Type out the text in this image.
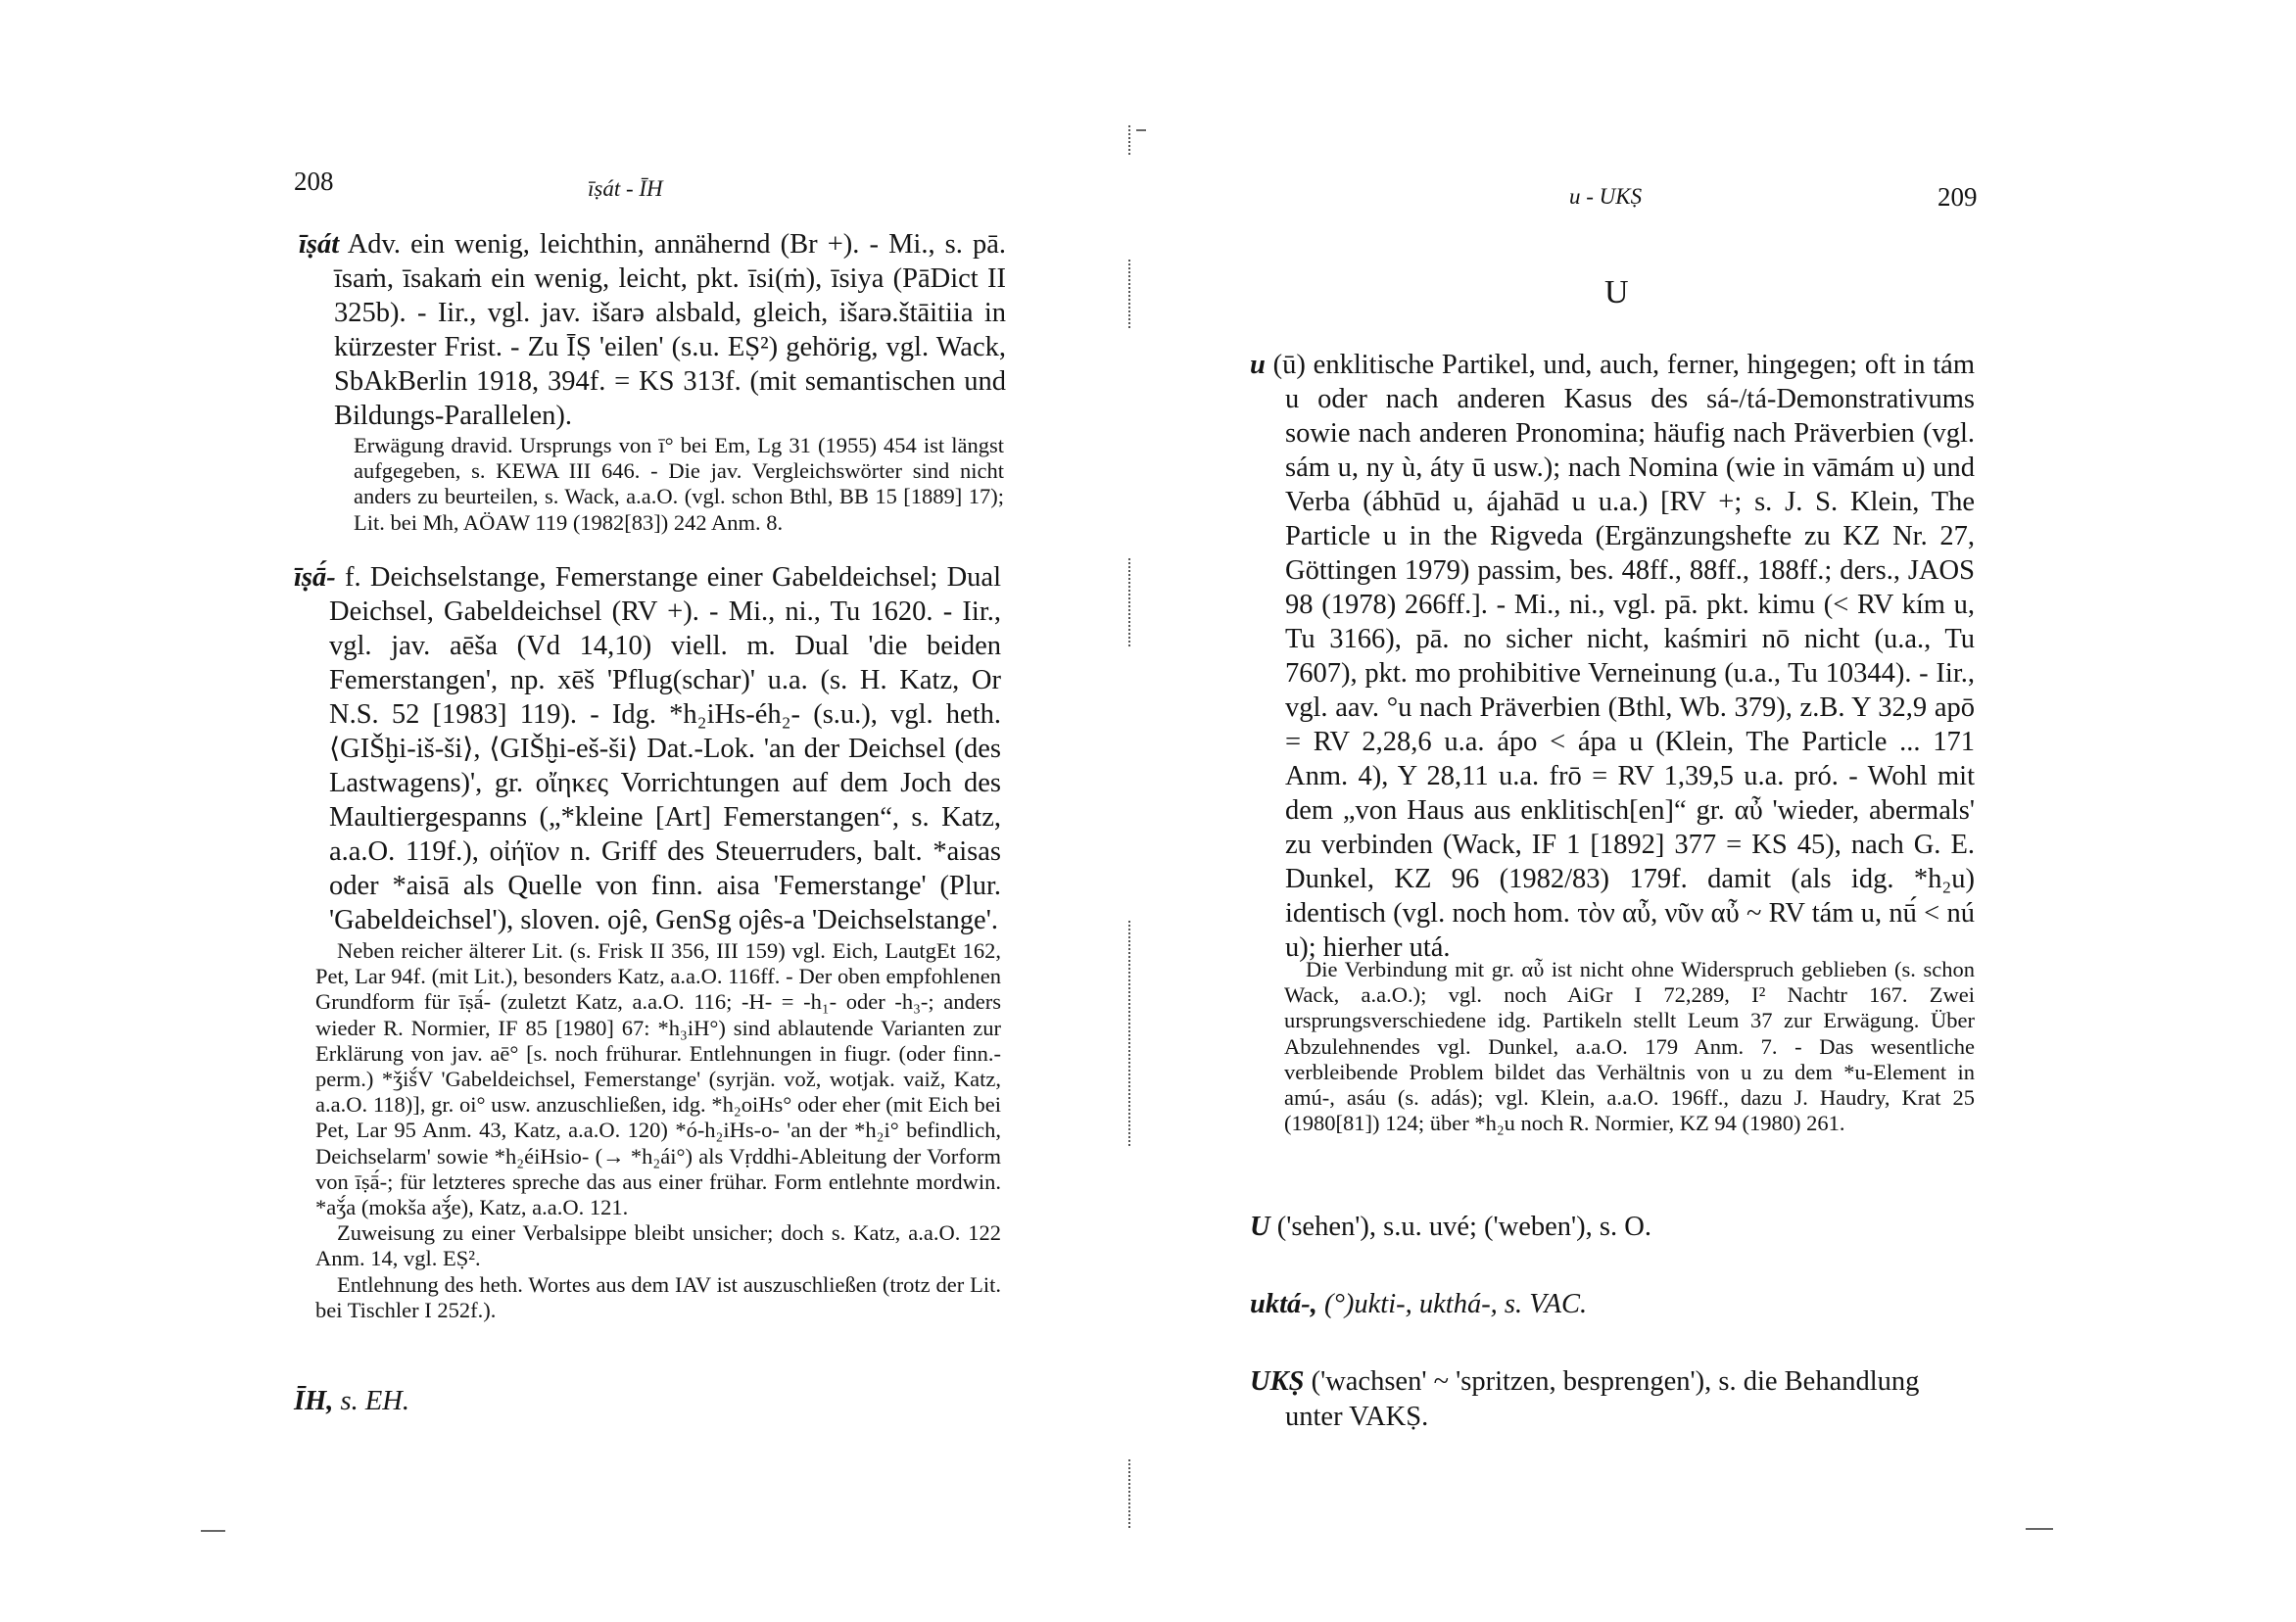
208	īṣát - ĪH
īṣát Adv. ein wenig, leichthin, annähernd (Br +). - Mi., s. pā. īsaṁ, īsakaṁ ein wenig, leicht, pkt. īsi(ṁ), īsiya (PāDict II 325b). - Iir., vgl. jav. išarə alsbald, gleich, išarə.štāitiia in kürzester Frist. - Zu ĪṢ 'eilen' (s.u. EṢ²) gehörig, vgl. Wack, SbAkBerlin 1918, 394f. = KS 313f. (mit semantischen und Bildungs-Parallelen).

Erwägung dravid. Ursprungs von ī° bei Em, Lg 31 (1955) 454 ist längst aufgegeben, s. KEWA III 646. - Die jav. Vergleichswörter sind nicht anders zu beurteilen, s. Wack, a.a.O. (vgl. schon Bthl, BB 15 [1889] 17); Lit. bei Mh, AÖAW 119 (1982[83]) 242 Anm. 8.

īṣā́- f. Deichselstange, Femerstange einer Gabeldeichsel; Dual Deichsel, Gabeldeichsel (RV +). - Mi., ni., Tu 1620. - Iir., vgl. jav. aēša (Vd 14,10) viell. m. Dual 'die beiden Femerstangen', np. xēš 'Pflug(schar)' u.a. (s. H. Katz, Or N.S. 52 [1983] 119). - Idg. *h₂iHs-éh₂- (s.u.), vgl. heth. ⟨GIŠḫi-iš-ši⟩, ⟨GIŠḫi-eš-ši⟩ Dat.-Lok. 'an der Deichsel (des Lastwagens)', gr. οἴηκες Vorrichtungen auf dem Joch des Maultiergespanns („*kleine [Art] Femerstangen“, s. Katz, a.a.O. 119f.), οἰήϊον n. Griff des Steuerruders, balt. *aisas oder *aisā als Quelle von finn. aisa 'Femerstange' (Plur. 'Gabeldeichsel'), sloven. ojê, GenSg ojês-a 'Deichselstange'.

Neben reicher älterer Lit. (s. Frisk II 356, III 159) vgl. Eich, LautgEt 162, Pet, Lar 94f. (mit Lit.), besonders Katz, a.a.O. 116ff. - Der oben empfohlenen Grundform für īṣā́- (zuletzt Katz, a.a.O. 116; -H- = -h₁- oder -h₃-; anders wieder R. Normier, IF 85 [1980] 67: *h₃iH°) sind ablautende Varianten zur Erklärung von jav. aē° [s. noch frühurar. Entlehnungen in fiugr. (oder finn.-perm.) *ǯiš́V 'Gabeldeichsel, Femerstange' (syrjän. vož, wotjak. vaiž, Katz, a.a.O. 118)], gr. oi° usw. anzuschließen, idg. *h₂oiHs° oder eher (mit Eich bei Pet, Lar 95 Anm. 43, Katz, a.a.O. 120) *ó-h₂iHs-o- 'an der *h₂i° befindlich, Deichselarm' sowie *h₂éiHsio- (→ *h₂ái°) als Vṛddhi-Ableitung der Vorform von īṣā́-; für letzteres spreche das aus einer frühar. Form entlehnte mordwin. *aǯ́a (mokša aǯ́e), Katz, a.a.O. 121.

Zuweisung zu einer Verbalsippe bleibt unsicher; doch s. Katz, a.a.O. 122 Anm. 14, vgl. EṢ².

Entlehnung des heth. Wortes aus dem IAV ist auszuschließen (trotz der Lit. bei Tischler I 252f.).

ĪH, s. EH.
u - UKṢ	209
U
u (ū) enklitische Partikel, und, auch, ferner, hingegen; oft in tám u oder nach anderen Kasus des sá-/tá-Demonstrativums sowie nach anderen Pronomina; häufig nach Präverbien (vgl. sám u, ny ù, áty ū usw.); nach Nomina (wie in vāmám u) und Verba (ábhūd u, ájahād u u.a.) [RV +; s. J. S. Klein, The Particle u in the Rigveda (Ergänzungshefte zu KZ Nr. 27, Göttingen 1979) passim, bes. 48ff., 88ff., 188ff.; ders., JAOS 98 (1978) 266ff.]. - Mi., ni., vgl. pā. pkt. kimu (< RV kím u, Tu 3166), pā. no sicher nicht, kaśmiri nō nicht (u.a., Tu 7607), pkt. mo prohibitive Verneinung (u.a., Tu 10344). - Iir., vgl. aav. °u nach Präverbien (Bthl, Wb. 379), z.B. Y 32,9 apō = RV 2,28,6 u.a. ápo < ápa u (Klein, The Particle ... 171 Anm. 4), Y 28,11 u.a. frō = RV 1,39,5 u.a. pró. - Wohl mit dem „von Haus aus enklitisch[en]“ gr. αὖ 'wieder, abermals' zu verbinden (Wack, IF 1 [1892] 377 = KS 45), nach G. E. Dunkel, KZ 96 (1982/83) 179f. damit (als idg. *h₂u) identisch (vgl. noch hom. τὸν αὖ, νῦν αὖ ~ RV tám u, nū́ < nú u); hierher utá.

Die Verbindung mit gr. αὖ ist nicht ohne Widerspruch geblieben (s. schon Wack, a.a.O.); vgl. noch AiGr I 72,289, I² Nachtr 167. Zwei ursprungsverschiedene idg. Partikeln stellt Leum 37 zur Erwägung. Über Abzulehnendes vgl. Dunkel, a.a.O. 179 Anm. 7. - Das wesentliche verbleibende Problem bildet das Verhältnis von u zu dem *u-Element in amú-, asáu (s. adás); vgl. Klein, a.a.O. 196ff., dazu J. Haudry, Krat 25 (1980[81]) 124; über *h₂u noch R. Normier, KZ 94 (1980) 261.

U ('sehen'), s.u. uvé; ('weben'), s. O.
uktá-, (°)ukti-, ukthá-, s. VAC.
UKṢ ('wachsen' ~ 'spritzen, besprengen'), s. die Behandlung unter VAKṢ.
